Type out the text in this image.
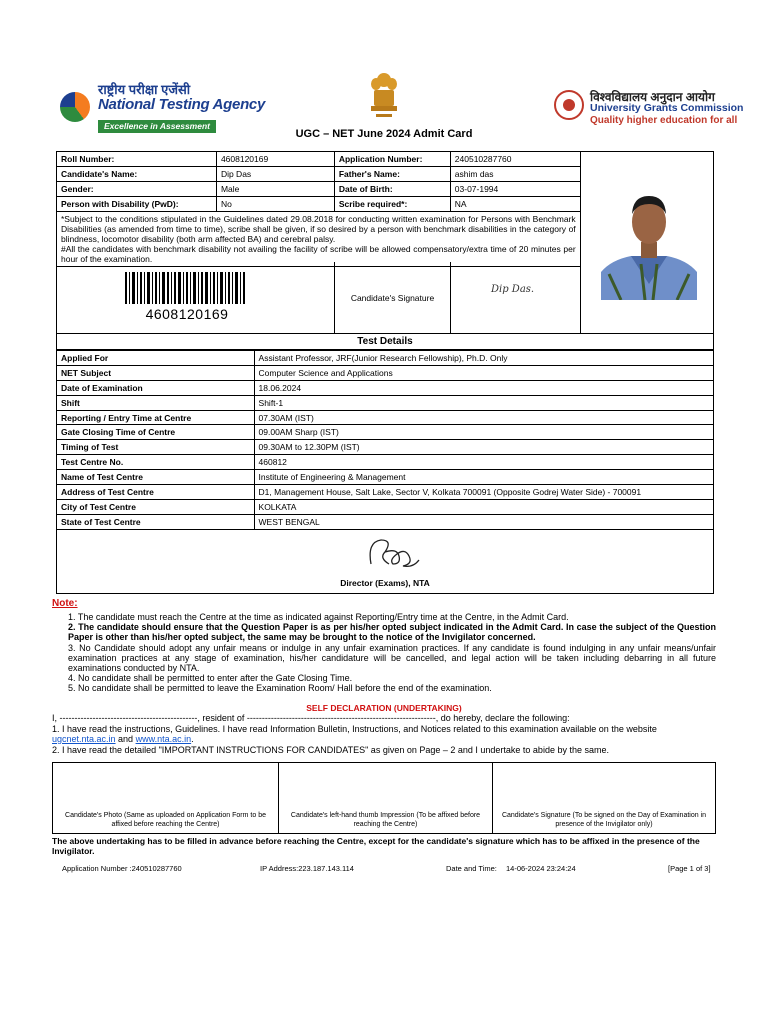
राष्ट्रीय परीक्षा एजेंसी
National Testing Agency
Excellence in Assessment
विश्वविद्यालय अनुदान आयोग
University Grants Commission
Quality higher education for all
UGC – NET June 2024 Admit Card
Roll Number:	4608120169	Application Number:	240510287760	
Candidate's Name:	Dip Das	Father's Name:	ashim das	
Gender:	Male	Date of Birth:	03-07-1994	
Person with Disability (PwD):	No	Scribe required*:	NA	

*Subject to the conditions stipulated in the Guidelines dated 29.08.2018 for conducting written examination for Persons with Benchmark Disabilities (as amended from time to time), scribe shall be given, if so desired by a person with benchmark disabilities in the category of blindness, locomotor disability (both arm affected BA) and cerebral palsy.
#All the candidates with benchmark disability not availing the facility of scribe will be allowed compensatory/extra time of 20 minutes per hour of the examination.				
4608120169
Candidate's Signature
Dip Das.
Test Details
Applied For	Assistant Professor, JRF(Junior Research Fellowship), Ph.D. Only
NET Subject	Computer Science and Applications
Date of Examination	18.06.2024
Shift	Shift-1
Reporting / Entry Time at Centre	07.30AM (IST)
Gate Closing Time of Centre	09.00AM Sharp (IST)
Timing of Test	09.30AM to 12.30PM (IST)
Test Centre No.	460812
Name of Test Centre	Institute of Engineering & Management
Address of Test Centre	D1, Management House, Salt Lake, Sector V, Kolkata 700091 (Opposite Godrej Water Side) - 700091
City of Test Centre	KOLKATA
State of Test Centre	WEST BENGAL
Director (Exams), NTA
Note:
1. The candidate must reach the Centre at the time as indicated against Reporting/Entry time at the Centre, in the Admit Card.
2. The candidate should ensure that the Question Paper is as per his/her opted subject indicated in the Admit Card. In case the subject of the Question Paper is other than his/her opted subject, the same may be brought to the notice of the Invigilator concerned.
3. No Candidate should adopt any unfair means or indulge in any unfair examination practices. If any candidate is found indulging in any unfair means/unfair examination practices at any stage of examination, his/her candidature will be cancelled, and legal action will be taken including debarring in all future examinations conducted by NTA.
4. No candidate shall be permitted to enter after the Gate Closing Time.
5. No candidate shall be permitted to leave the Examination Room/ Hall before the end of the examination.
SELF DECLARATION (UNDERTAKING)
I, ----------------------------------------------, resident of ---------------------------------------------------------------, do hereby, declare the following:
1. I have read the instructions, Guidelines. I have read Information Bulletin, Instructions, and Notices related to this examination available on the website
ugcnet.nta.ac.in and www.nta.ac.in.
2. I have read the detailed "IMPORTANT INSTRUCTIONS FOR CANDIDATES" as given on Page – 2 and I undertake to abide by the same.
Candidate's Photo (Same as uploaded on Application Form to be affixed before reaching the Centre)
Candidate's left-hand thumb Impression (To be affixed before reaching the Centre)
Candidate's Signature (To be signed on the Day of Examination in presence of the Invigilator only)
The above undertaking has to be filled in advance before reaching the Centre, except for the candidate's signature which has to be affixed in the presence of the Invigilator.
Application Number :240510287760	IP Address:223.187.143.114	Date and Time: 14-06-2024 23:24:24	[Page 1 of 3]
